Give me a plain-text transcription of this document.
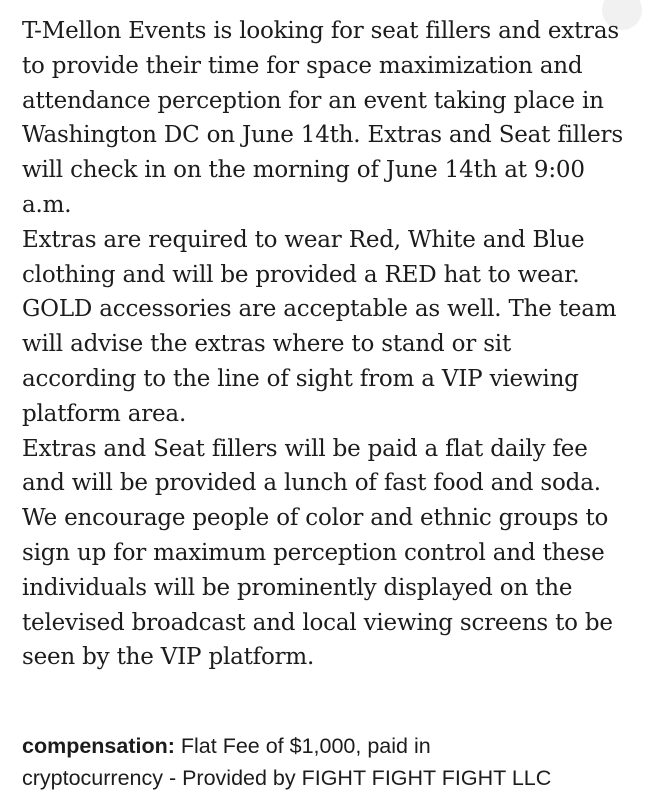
T-Mellon Events is looking for seat fillers and extras
to provide their time for space maximization and
attendance perception for an event taking place in
Washington DC on June 14th. Extras and Seat fillers
will check in on the morning of June 14th at 9:00
a.m.
Extras are required to wear Red, White and Blue
clothing and will be provided a RED hat to wear.
GOLD accessories are acceptable as well. The team
will advise the extras where to stand or sit
according to the line of sight from a VIP viewing
platform area.
Extras and Seat fillers will be paid a flat daily fee
and will be provided a lunch of fast food and soda.
We encourage people of color and ethnic groups to
sign up for maximum perception control and these
individuals will be prominently displayed on the
televised broadcast and local viewing screens to be
seen by the VIP platform.

compensation: Flat Fee of $1,000, paid in

cryptocurrency - Provided by FIGHT FIGHT FIGHT LLC
